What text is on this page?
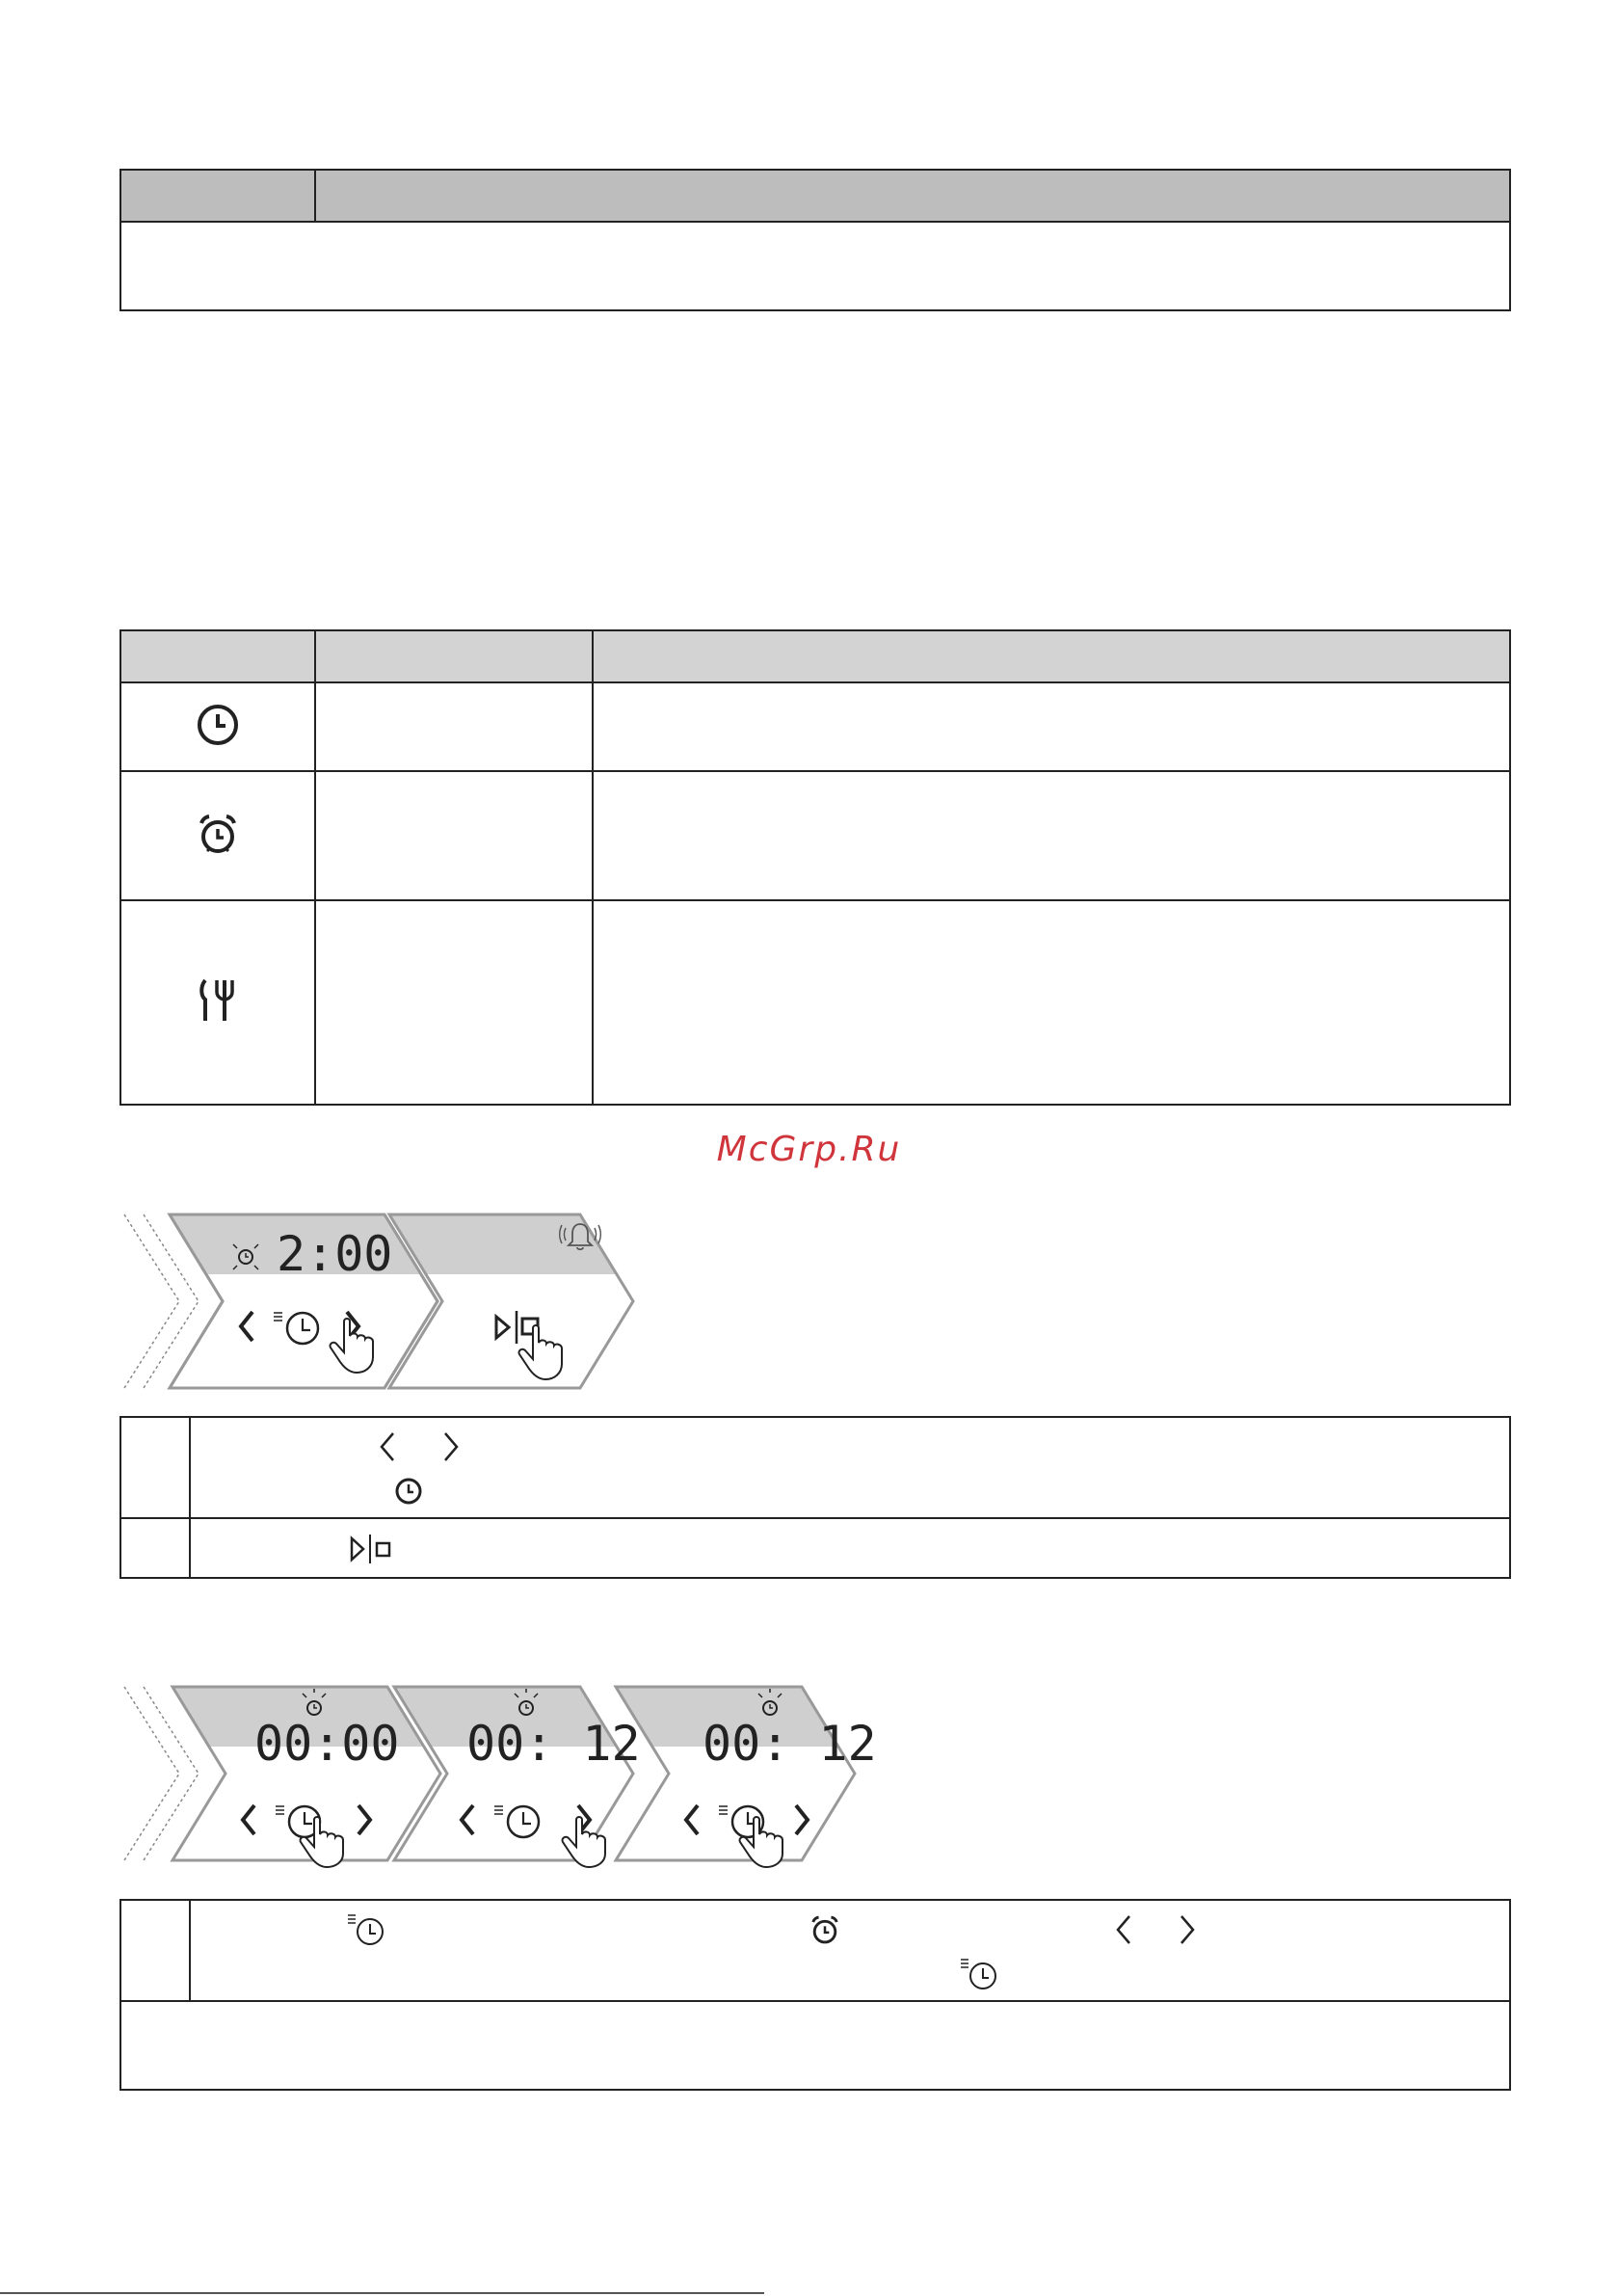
McGrp.Ru
2:00

00:00 00: 12 00: 12
